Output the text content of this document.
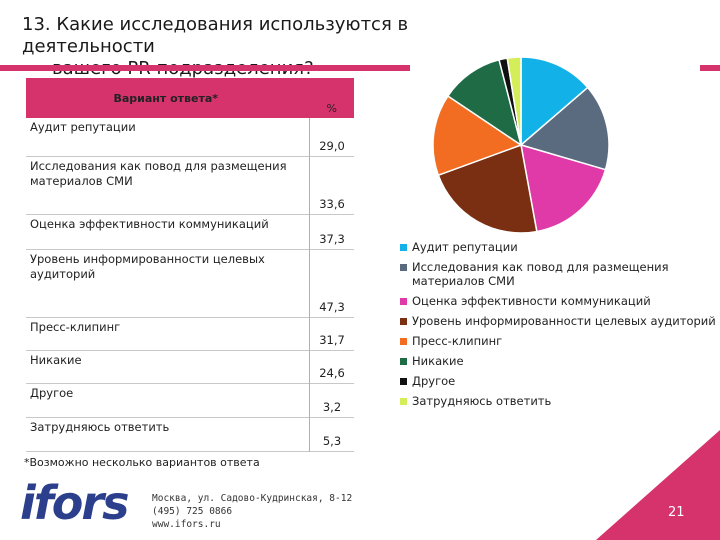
13. Какие исследования используются в деятельности
Вариант ответа*	%
Аудит репутации	29,0
Исследования как повод для размещения материалов СМИ	33,6
Оценка эффективности коммуникаций	37,3
Уровень информированности целевых аудиторий	47,3
Пресс-клипинг	31,7
Никакие	24,6
Другое	3,2
Затрудняюсь ответить	5,3
*Возможно несколько вариантов ответа
ifors	Москва, ул. Садово-Кудринская, 8-12
(495) 725 0866
www.ifors.ru
Аудит репутации
Исследования как повод для размещения материалов СМИ
Оценка эффективности коммуникаций
Уровень информированности целевых аудиторий
Пресс-клипинг
Никакие
Другое
Затрудняюсь ответить
21
